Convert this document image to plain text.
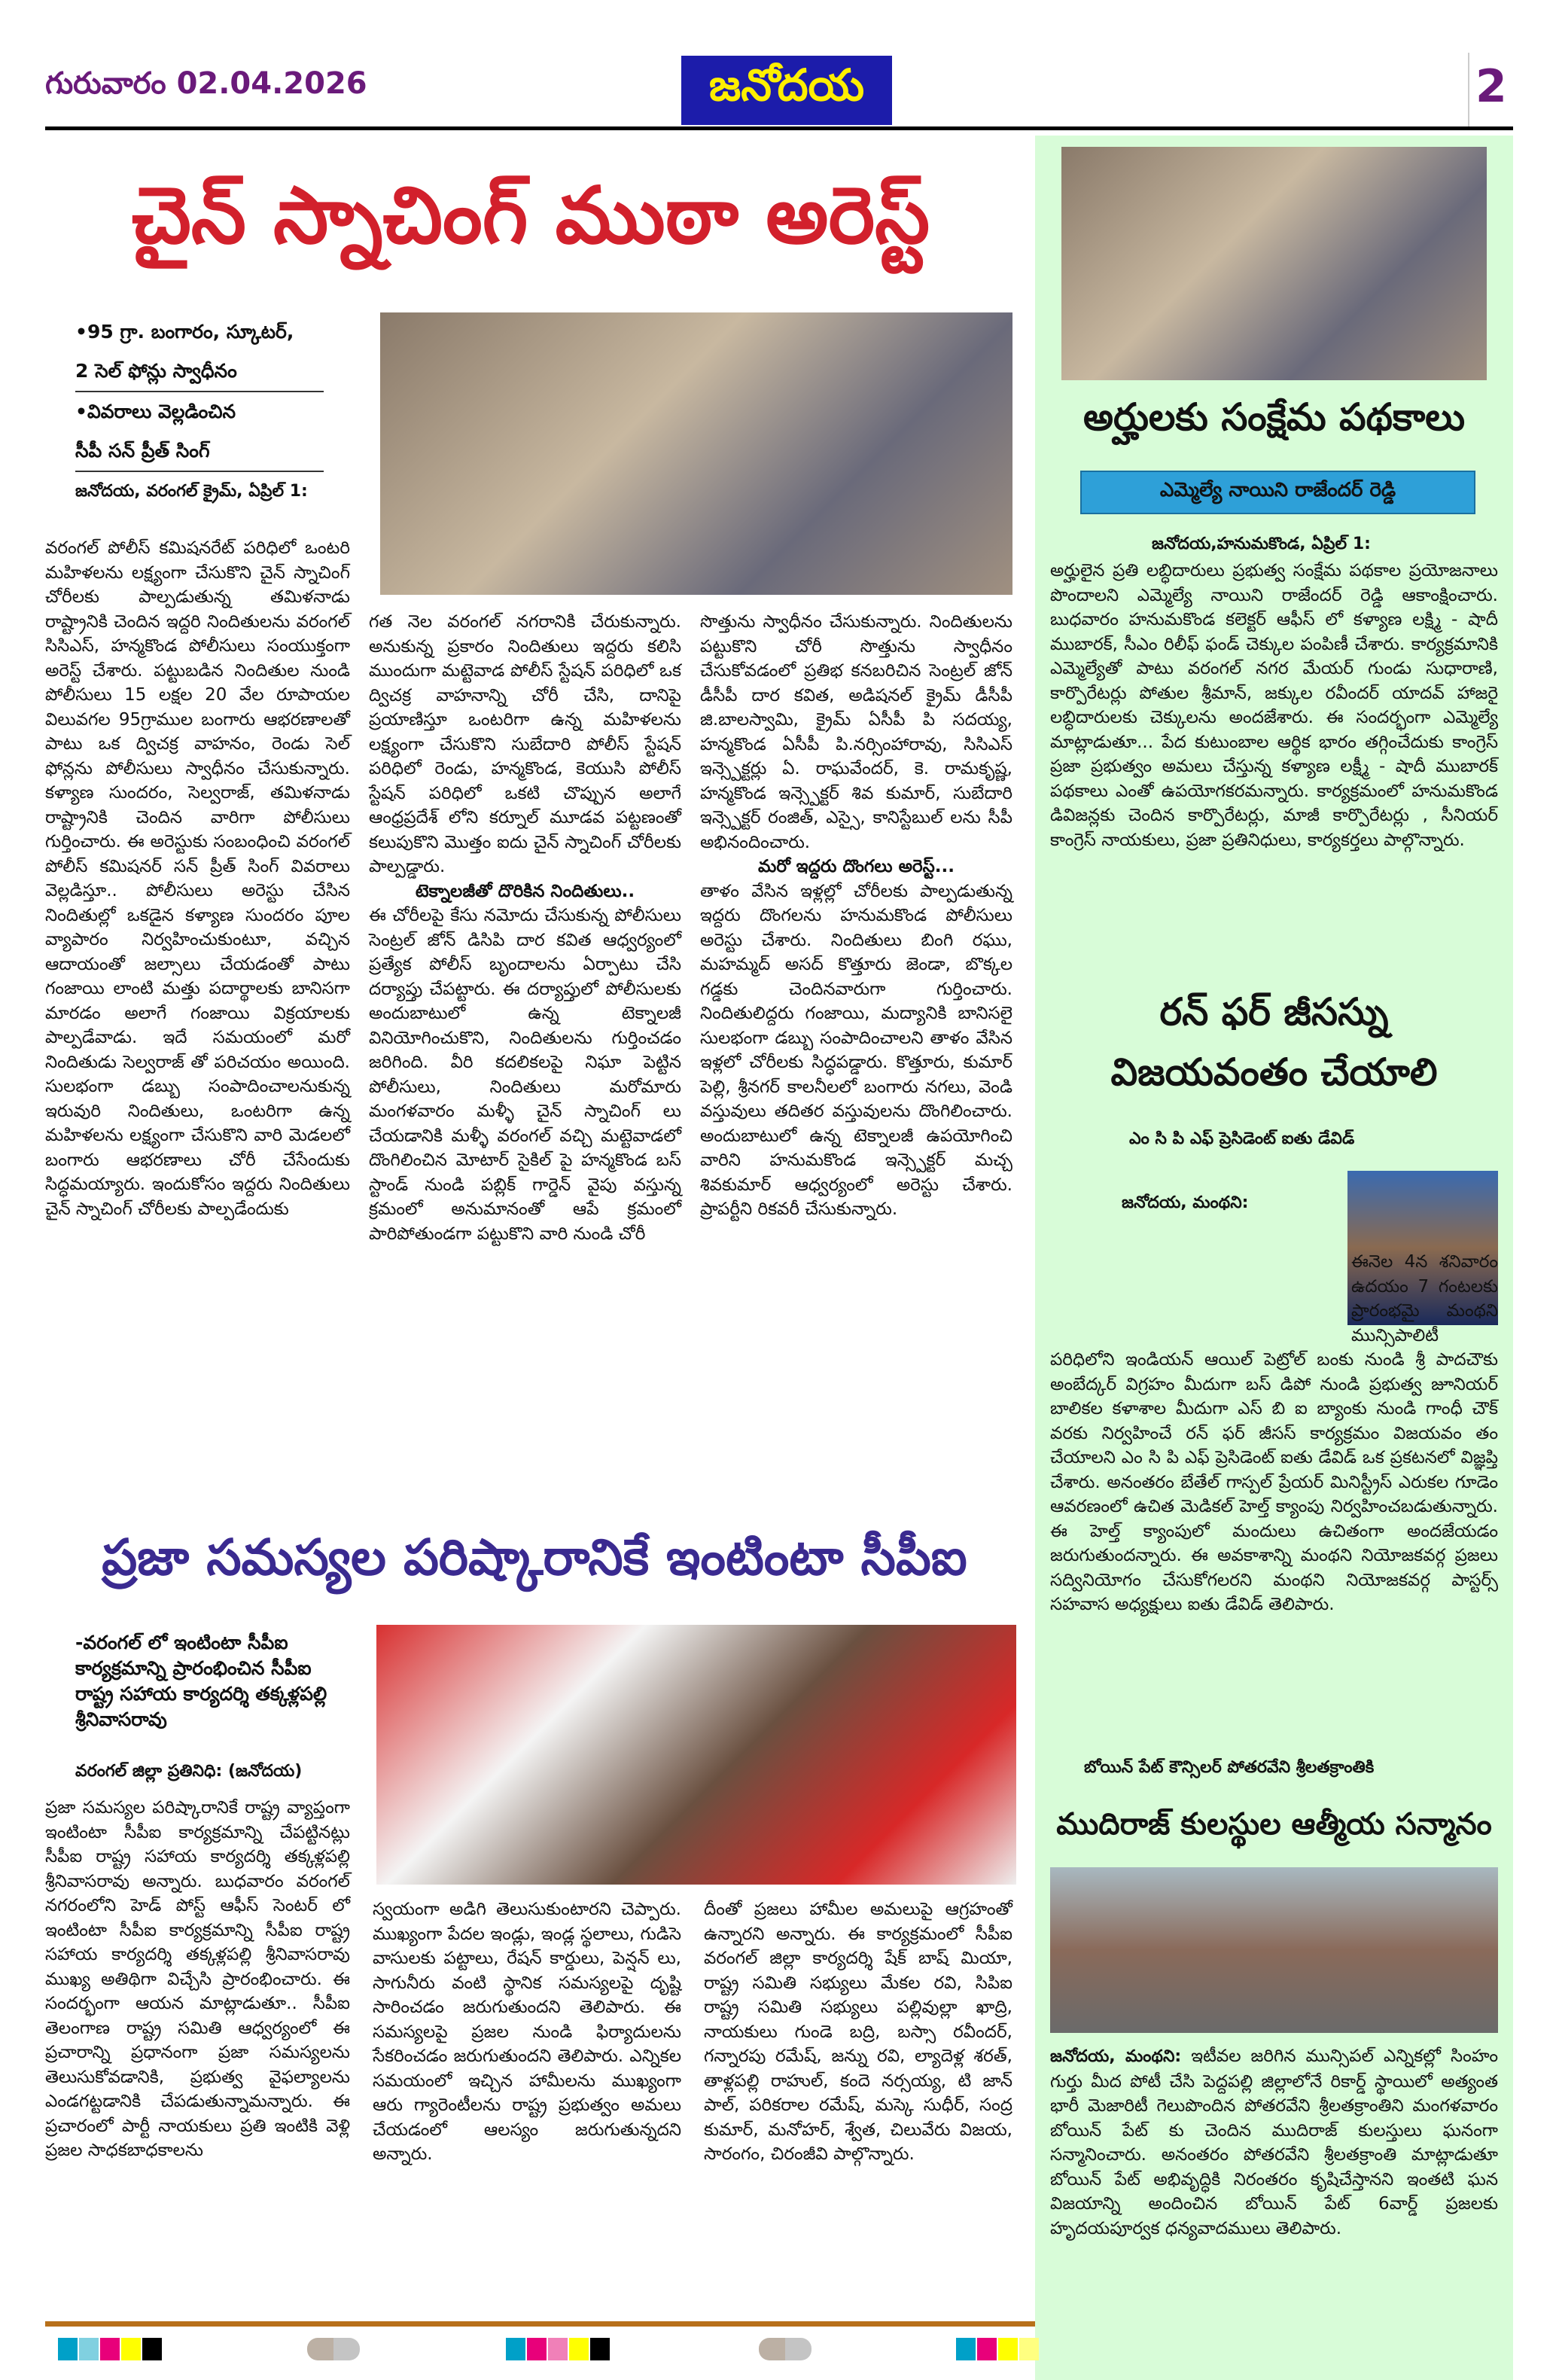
గురువారం 02.04.2026	జనోదయ	2
చైన్ స్నాచింగ్ ముఠా అరెస్ట్
•95 గ్రా. బంగారం, స్కూటర్,
2 సెల్ ఫోన్లు స్వాధీనం
•వివరాలు వెల్లడించిన
సీపీ సన్ ప్రీత్ సింగ్
జనోదయ, వరంగల్ క్రైమ్, ఏప్రిల్ 1:
వరంగల్ పోలీస్ కమిషనరేట్ పరిధిలో ఒంటరి మహిళలను లక్ష్యంగా చేసుకొని చైన్ స్నాచింగ్ చోరీలకు పాల్పడుతున్న తమిళనాడు రాష్ట్రానికి చెందిన ఇద్దరి నిందితులను వరంగల్ సిసిఎస్, హన్మకొండ పోలీసులు సంయుక్తంగా అరెస్ట్ చేశారు. పట్టుబడిన నిందితుల నుండి పోలీసులు 15 లక్షల 20 వేల రూపాయల విలువగల 95గ్రాముల బంగారు ఆభరణాలతో పాటు ఒక ద్విచక్ర వాహనం, రెండు సెల్ ఫోన్లను పోలీసులు స్వాధీనం చేసుకున్నారు. కళ్యాణ సుందరం, సెల్వరాజ్, తమిళనాడు రాష్ట్రానికి చెందిన వారిగా పోలీసులు గుర్తించారు. ఈ అరెస్టుకు సంబంధించి వరంగల్ పోలీస్ కమిషనర్ సన్ ప్రీత్ సింగ్ వివరాలు వెల్లడిస్తూ.. పోలీసులు అరెస్టు చేసిన నిందితుల్లో ఒకడైన కళ్యాణ సుందరం పూల వ్యాపారం నిర్వహించుకుంటూ, వచ్చిన ఆదాయంతో జల్సాలు చేయడంతో పాటు గంజాయి లాంటి మత్తు పదార్థాలకు బానిసగా మారడం అలాగే గంజాయి విక్రయాలకు పాల్పడేవాడు. ఇదే సమయంలో మరో నిందితుడు సెల్వరాజ్ తో పరిచయం అయింది. సులభంగా డబ్బు సంపాదించాలనుకున్న ఇరువురి నిందితులు, ఒంటరిగా ఉన్న మహిళలను లక్ష్యంగా చేసుకొని వారి మెడలలో బంగారు ఆభరణాలు చోరీ చేసేందుకు సిద్ధమయ్యారు. ఇందుకోసం ఇద్దరు నిందితులు చైన్ స్నాచింగ్ చోరీలకు పాల్పడేందుకు
గత నెల వరంగల్ నగరానికి చేరుకున్నారు. అనుకున్న ప్రకారం నిందితులు ఇద్దరు కలిసి ముందుగా మట్టెవాడ పోలీస్ స్టేషన్ పరిధిలో ఒక ద్విచక్ర వాహనాన్ని చోరీ చేసి, దానిపై ప్రయాణిస్తూ ఒంటరిగా ఉన్న మహిళలను లక్ష్యంగా చేసుకొని సుబేదారి పోలీస్ స్టేషన్ పరిధిలో రెండు, హన్మకొండ, కెయుసి పోలీస్ స్టేషన్ పరిధిలో ఒకటి చొప్పున అలాగే ఆంధ్రప్రదేశ్ లోని కర్నూల్ మూడవ పట్టణంతో కలుపుకొని మొత్తం ఐదు చైన్ స్నాచింగ్ చోరీలకు పాల్పడ్డారు.
టెక్నాలజీతో దొరికిన నిందితులు..
ఈ చోరీలపై కేసు నమోదు చేసుకున్న పోలీసులు సెంట్రల్ జోన్ డిసిపి దార కవిత ఆధ్వర్యంలో ప్రత్యేక పోలీస్ బృందాలను ఏర్పాటు చేసి దర్యాప్తు చేపట్టారు. ఈ దర్యాప్తులో పోలీసులకు అందుబాటులో ఉన్న టెక్నాలజీ వినియోగించుకొని, నిందితులను గుర్తించడం జరిగింది. వీరి కదలికలపై నిఘా పెట్టిన పోలీసులు, నిందితులు మరోమారు మంగళవారం మళ్ళీ చైన్ స్నాచింగ్ లు చేయడానికి మళ్ళీ వరంగల్ వచ్చి మట్టెవాడలో దొంగిలించిన మోటార్ సైకిల్ పై హన్మకొండ బస్ స్టాండ్ నుండి పబ్లిక్ గార్డెన్ వైపు వస్తున్న క్రమంలో అనుమానంతో ఆపే క్రమంలో పారిపోతుండగా పట్టుకొని వారి నుండి చోరీ
సొత్తును స్వాధీనం చేసుకున్నారు. నిందితులను పట్టుకొని చోరీ సొత్తును స్వాధీనం చేసుకోవడంలో ప్రతిభ కనబరిచిన సెంట్రల్ జోన్ డీసీపీ దార కవిత, అడిషనల్ క్రైమ్ డీసీపీ జి.బాలస్వామి, క్రైమ్ ఏసీపీ పి సదయ్య, హన్మకొండ ఏసీపీ పి.నర్సింహారావు, సిసిఎస్ ఇన్స్పెక్టర్లు ఏ. రాఘవేందర్, కె. రామకృష్ణ, హన్మకొండ ఇన్స్పెక్టర్ శివ కుమార్, సుబేదారి ఇన్స్పెక్టర్ రంజిత్, ఎస్సై, కానిస్టేబుల్ లను సీపీ అభినందించారు.
మరో ఇద్దరు దొంగలు అరెస్ట్...
తాళం వేసిన ఇళ్లల్లో చోరీలకు పాల్పడుతున్న ఇద్దరు దొంగలను హనుమకొండ పోలీసులు అరెస్టు చేశారు. నిందితులు బింగి రఘు, మహమ్మద్ అసద్ కొత్తూరు జెండా, బొక్కల గడ్డకు చెందినవారుగా గుర్తించారు. నిందితులిద్దరు గంజాయి, మద్యానికి బానిసలై సులభంగా డబ్బు సంపాదించాలని తాళం వేసిన ఇళ్లలో చోరీలకు సిద్ధపడ్డారు. కొత్తూరు, కుమార్ పెల్లి, శ్రీనగర్ కాలనీలలో బంగారు నగలు, వెండి వస్తువులు తదితర వస్తువులను దొంగిలించారు. అందుబాటులో ఉన్న టెక్నాలజీ ఉపయోగించి వారిని హనుమకొండ ఇన్స్పెక్టర్ మచ్చ శివకుమార్ ఆధ్వర్యంలో అరెస్టు చేశారు. ప్రాపర్టీని రికవరీ చేసుకున్నారు.
ప్రజా సమస్యల పరిష్కారానికే ఇంటింటా సీపీఐ
-వరంగల్ లో ఇంటింటా సీపీఐ కార్యక్రమాన్ని ప్రారంభించిన సీపీఐ రాష్ట్ర సహాయ కార్యదర్శి తక్కళ్లపల్లి శ్రీనివాసరావు
వరంగల్ జిల్లా ప్రతినిధి: (జనోదయ)
ప్రజా సమస్యల పరిష్కారానికే రాష్ట్ర వ్యాప్తంగా ఇంటింటా సీపీఐ కార్యక్రమాన్ని చేపట్టినట్లు సీపీఐ రాష్ట్ర సహాయ కార్యదర్శి తక్కళ్లపల్లి శ్రీనివాసరావు అన్నారు. బుధవారం వరంగల్ నగరంలోని హెడ్ పోస్ట్ ఆఫీస్ సెంటర్ లో ఇంటింటా సీపీఐ కార్యక్రమాన్ని సీపీఐ రాష్ట్ర సహాయ కార్యదర్శి తక్కళ్లపల్లి శ్రీనివాసరావు ముఖ్య అతిథిగా విచ్చేసి ప్రారంభించారు. ఈ సందర్భంగా ఆయన మాట్లాడుతూ.. సీపీఐ తెలంగాణ రాష్ట్ర సమితి ఆధ్వర్యంలో ఈ ప్రచారాన్ని ప్రధానంగా ప్రజా సమస్యలను తెలుసుకోవడానికి, ప్రభుత్వ వైఫల్యాలను ఎండగట్టడానికి చేపడుతున్నామన్నారు. ఈ ప్రచారంలో పార్టీ నాయకులు ప్రతి ఇంటికి వెళ్లి ప్రజల సాధకబాధకాలను
స్వయంగా అడిగి తెలుసుకుంటారని చెప్పారు. ముఖ్యంగా పేదల ఇండ్లు, ఇండ్ల స్థలాలు, గుడిసె వాసులకు పట్టాలు, రేషన్ కార్డులు, పెన్షన్ లు, సాగునీరు వంటి స్థానిక సమస్యలపై దృష్టి సారించడం జరుగుతుందని తెలిపారు. ఈ సమస్యలపై ప్రజల నుండి ఫిర్యాదులను సేకరించడం జరుగుతుందని తెలిపారు. ఎన్నికల సమయంలో ఇచ్చిన హామీలను ముఖ్యంగా ఆరు గ్యారెంటీలను రాష్ట్ర ప్రభుత్వం అమలు చేయడంలో ఆలస్యం జరుగుతున్నదని అన్నారు.
దీంతో ప్రజలు హామీల అమలుపై ఆగ్రహంతో ఉన్నారని అన్నారు. ఈ కార్యక్రమంలో సీపీఐ వరంగల్ జిల్లా కార్యదర్శి షేక్ బాష్ మియా, రాష్ట్ర సమితి సభ్యులు మేకల రవి, సిపిఐ రాష్ట్ర సమితి సభ్యులు పల్లివుల్లా ఖాద్రి, నాయకులు గుండె బద్రి, బస్సా రవీందర్, గన్నారపు రమేష్, జన్ను రవి, ల్యాదెళ్ల శరత్, తాళ్లపల్లి రాహుల్, కందె నర్సయ్య, టి జాన్ పాల్, పరికరాల రమేష్, మస్కె సుధీర్, సంద్ర కుమార్, మనోహర్, శ్వేత, చిలువేరు విజయ, సారంగం, చిరంజీవి పాల్గొన్నారు.
అర్హులకు సంక్షేమ పథకాలు
ఎమ్మెల్యే నాయిని రాజేందర్ రెడ్డి
జనోదయ,హనుమకొండ, ఏప్రిల్ 1:
అర్హులైన ప్రతి లబ్ధిదారులు ప్రభుత్వ సంక్షేమ పథకాల ప్రయోజనాలు పొందాలని ఎమ్మెల్యే నాయిని రాజేందర్ రెడ్డి ఆకాంక్షించారు. బుధవారం హనుమకొండ కలెక్టర్ ఆఫీస్ లో కళ్యాణ లక్ష్మి - షాదీ ముబారక్, సీఎం రిలీఫ్ ఫండ్ చెక్కుల పంపిణీ చేశారు. కార్యక్రమానికి ఎమ్మెల్యేతో పాటు వరంగల్ నగర మేయర్ గుండు సుధారాణి, కార్పొరేటర్లు పోతుల శ్రీమాన్, జక్కుల రవీందర్ యాదవ్ హాజరై లబ్ధిదారులకు చెక్కులను అందజేశారు. ఈ సందర్భంగా ఎమ్మెల్యే మాట్లాడుతూ... పేద కుటుంబాల ఆర్థిక భారం తగ్గించేదుకు కాంగ్రెస్ ప్రజా ప్రభుత్వం అమలు చేస్తున్న కళ్యాణ లక్ష్మీ - షాదీ ముబారక్ పథకాలు ఎంతో ఉపయోగకరమన్నారు. కార్యక్రమంలో హనుమకొండ డివిజన్లకు చెందిన కార్పొరేటర్లు, మాజీ కార్పొరేటర్లు , సీనియర్ కాంగ్రెస్ నాయకులు, ప్రజా ప్రతినిధులు, కార్యకర్తలు పాల్గొన్నారు.
రన్ ఫర్ జీసస్ను
విజయవంతం చేయాలి
ఎం సి పి ఎఫ్ ప్రెసిడెంట్ ఐతు డేవిడ్
జనోదయ, మంథని:
ఈనెల 4న శనివారం ఉదయం 7 గంటలకు ప్రారంభమై మంథని మున్సిపాలిటీ పరిధిలోని ఇండియన్ ఆయిల్ పెట్రోల్ బంకు నుండి శ్రీ పాదచౌకు అంబేద్కర్ విగ్రహం మీదుగా బస్ డిపో నుండి ప్రభుత్వ జూనియర్ బాలికల కళాశాల మీదుగా ఎస్ బి ఐ బ్యాంకు నుండి గాంధీ చౌక్ వరకు నిర్వహించే రన్ ఫర్ జీసస్ కార్యక్రమం విజయవం తం చేయాలని ఎం సి పి ఎఫ్ ప్రెసిడెంట్ ఐతు డేవిడ్ ఒక ప్రకటనలో విజ్ఞప్తి చేశారు. అనంతరం బేతేల్ గాస్పల్ ప్రేయర్ మినిస్ట్రీస్ ఎరుకల గూడెం ఆవరణంలో ఉచిత మెడికల్ హెల్త్ క్యాంపు నిర్వహించబడుతున్నారు. ఈ హెల్త్ క్యాంపులో మందులు ఉచితంగా అందజేయడం జరుగుతుందన్నారు. ఈ అవకాశాన్ని మంథని నియోజకవర్గ ప్రజలు సద్వినియోగం చేసుకోగలరని మంథని నియోజకవర్గ పాస్టర్స్ సహవాస అధ్యక్షులు ఐతు డేవిడ్ తెలిపారు.
బోయిన్ పేట్ కౌన్సిలర్ పోతరవేని శ్రీలతక్రాంతికి
ముదిరాజ్ కులస్థుల ఆత్మీయ సన్మానం
జనోదయ, మంథని: ఇటీవల జరిగిన మున్సిపల్ ఎన్నికల్లో సింహం గుర్తు మీద పోటీ చేసి పెద్దపల్లి జిల్లాలోనే రికార్డ్ స్థాయిలో అత్యంత భారీ మెజారిటీ గెలుపొందిన పోతరవేని శ్రీలతక్రాంతిని మంగళవారం బోయిన్ పేట్ కు చెందిన ముదిరాజ్ కులస్తులు ఘనంగా సన్మానించారు. అనంతరం పోతరవేని శ్రీలతక్రాంతి మాట్లాడుతూ బోయిన్ పేట్ అభివృద్ధికి నిరంతరం కృషిచేస్తానని ఇంతటి ఘన విజయాన్ని అందించిన బోయిన్ పేట్ 6వార్డ్ ప్రజలకు హృదయపూర్వక ధన్యవాదములు తెలిపారు.
